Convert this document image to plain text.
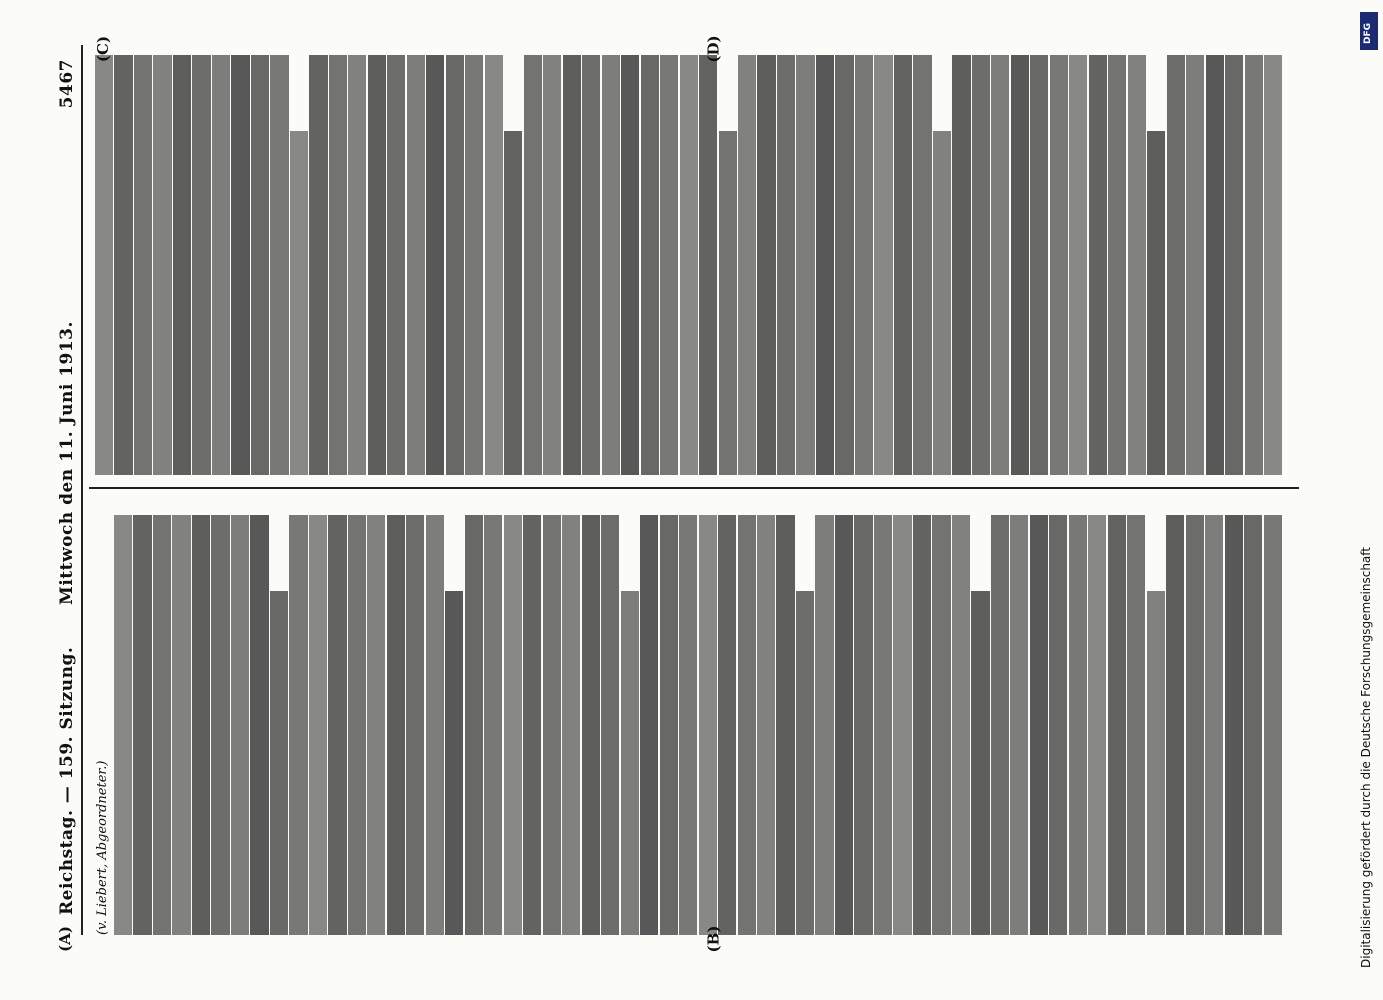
Reichstag. — 159. Sitzung.
Mittwoch den 11. Juni 1913.
5467
(v. Liebert, Abgeordneter.)
(A)	(B)
(C)	(D)
DFG
Digitalisierung gefördert durch die Deutsche Forschungsgemeinschaft
